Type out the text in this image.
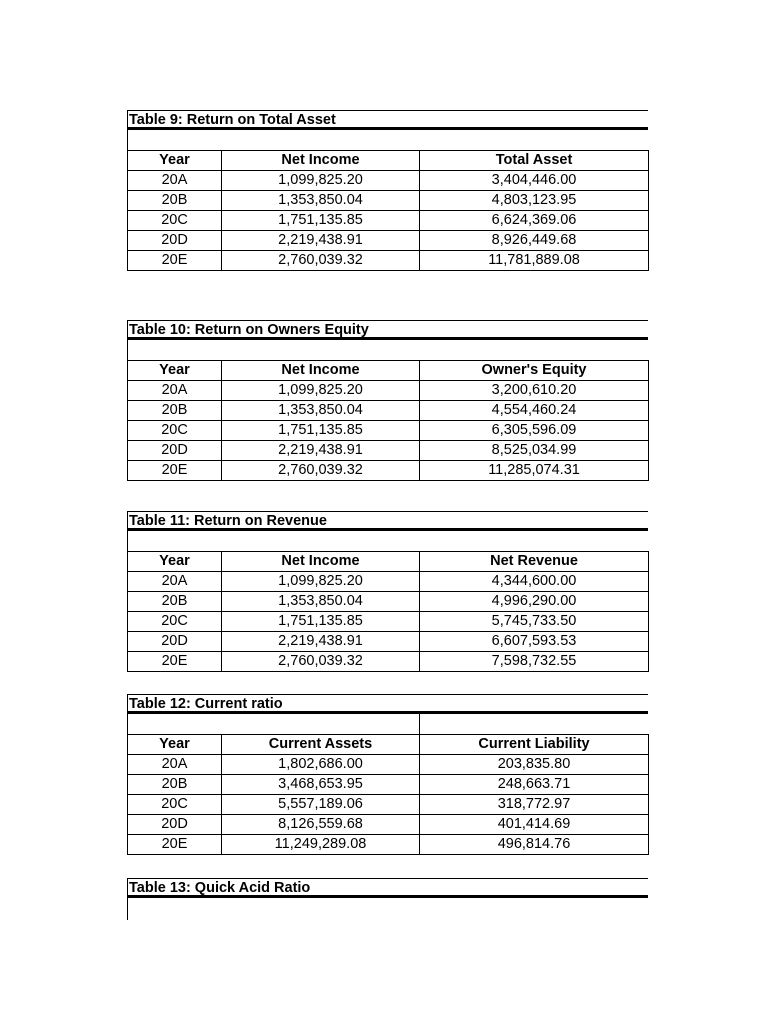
Table 9: Return on Total Asset

Year	Net Income	Total Asset
20A	1,099,825.20	3,404,446.00
20B	1,353,850.04	4,803,123.95
20C	1,751,135.85	6,624,369.06
20D	2,219,438.91	8,926,449.68
20E	2,760,039.32	11,781,889.08
Table 10: Return on Owners Equity

Year	Net Income	Owner's Equity
20A	1,099,825.20	3,200,610.20
20B	1,353,850.04	4,554,460.24
20C	1,751,135.85	6,305,596.09
20D	2,219,438.91	8,525,034.99
20E	2,760,039.32	11,285,074.31
Table 11: Return on Revenue

Year	Net Income	Net Revenue
20A	1,099,825.20	4,344,600.00
20B	1,353,850.04	4,996,290.00
20C	1,751,135.85	5,745,733.50
20D	2,219,438.91	6,607,593.53
20E	2,760,039.32	7,598,732.55
Table 12: Current ratio

Year	Current Assets	Current Liability
20A	1,802,686.00	203,835.80
20B	3,468,653.95	248,663.71
20C	5,557,189.06	318,772.97
20D	8,126,559.68	401,414.69
20E	11,249,289.08	496,814.76
Table 13: Quick Acid Ratio
